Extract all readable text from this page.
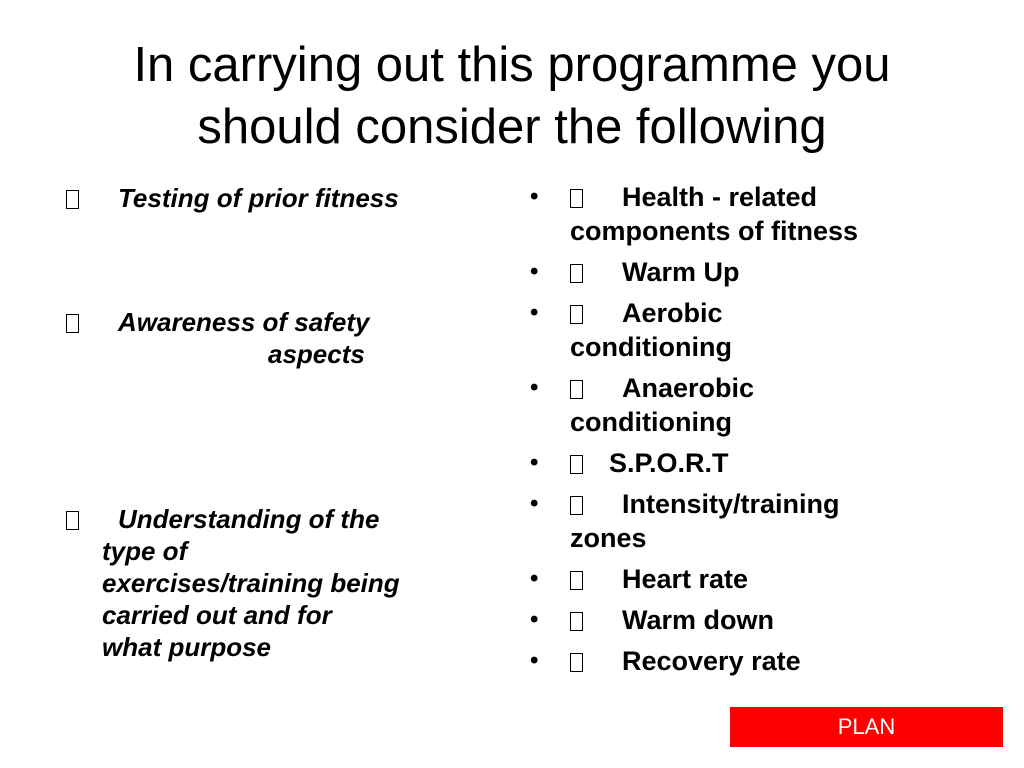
In carrying out this programme you
should consider the following
Testing of prior fitness
Awareness of safety
aspects
Understanding of the
type of
exercises/training being
carried out and for
what purpose
•	Health - related
components of fitness
•	Warm Up
•	Aerobic
conditioning
•	Anaerobic
conditioning
•	S.P.O.R.T
•	Intensity/training
zones
•	Heart rate
•	Warm down
•	Recovery rate
PLAN
